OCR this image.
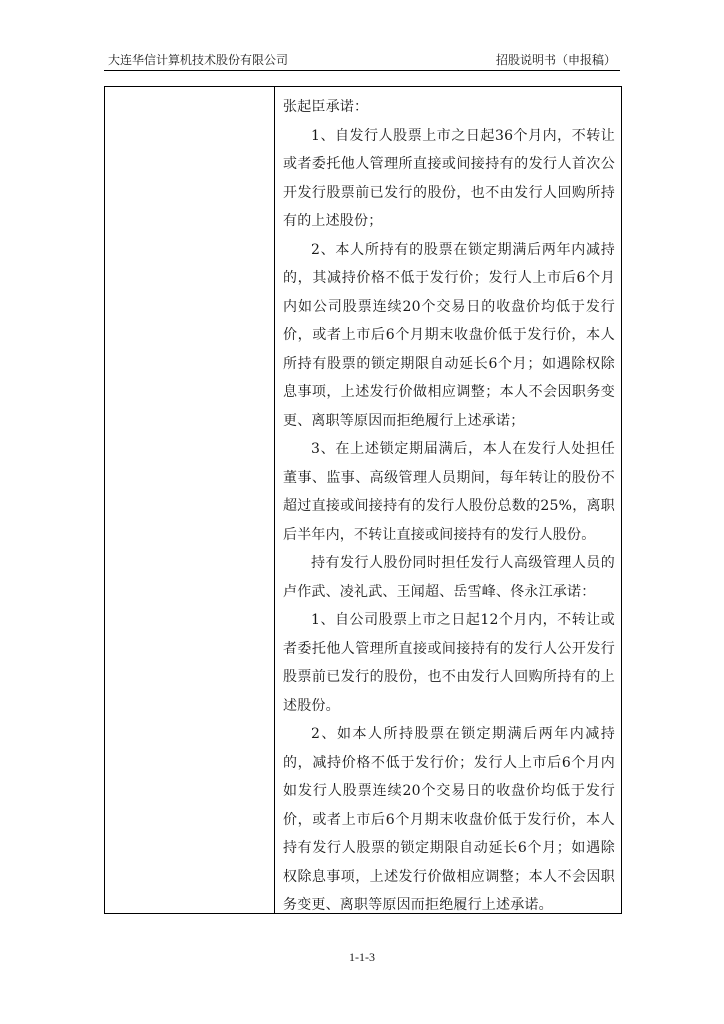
大连华信计算机技术股份有限公司	招股说明书（申报稿）

张起臣承诺：

1、自发行人股票上市之日起36个月内，不转让或者委托他人管理所直接或间接持有的发行人首次公开发行股票前已发行的股份，也不由发行人回购所持有的上述股份；

2、本人所持有的股票在锁定期满后两年内减持的，其减持价格不低于发行价；发行人上市后6个月内如公司股票连续20个交易日的收盘价均低于发行价，或者上市后6个月期末收盘价低于发行价，本人所持有股票的锁定期限自动延长6个月；如遇除权除息事项，上述发行价做相应调整；本人不会因职务变更、离职等原因而拒绝履行上述承诺；

3、在上述锁定期届满后，本人在发行人处担任董事、监事、高级管理人员期间，每年转让的股份不超过直接或间接持有的发行人股份总数的25%，离职后半年内，不转让直接或间接持有的发行人股份。

持有发行人股份同时担任发行人高级管理人员的卢作武、凌礼武、王闻超、岳雪峰、佟永江承诺：

1、自公司股票上市之日起12个月内，不转让或者委托他人管理所直接或间接持有的发行人公开发行股票前已发行的股份，也不由发行人回购所持有的上述股份。

2、如本人所持股票在锁定期满后两年内减持的，减持价格不低于发行价；发行人上市后6个月内如发行人股票连续20个交易日的收盘价均低于发行价，或者上市后6个月期末收盘价低于发行价，本人持有发行人股票的锁定期限自动延长6个月；如遇除权除息事项，上述发行价做相应调整；本人不会因职务变更、离职等原因而拒绝履行上述承诺。

1-1-3
